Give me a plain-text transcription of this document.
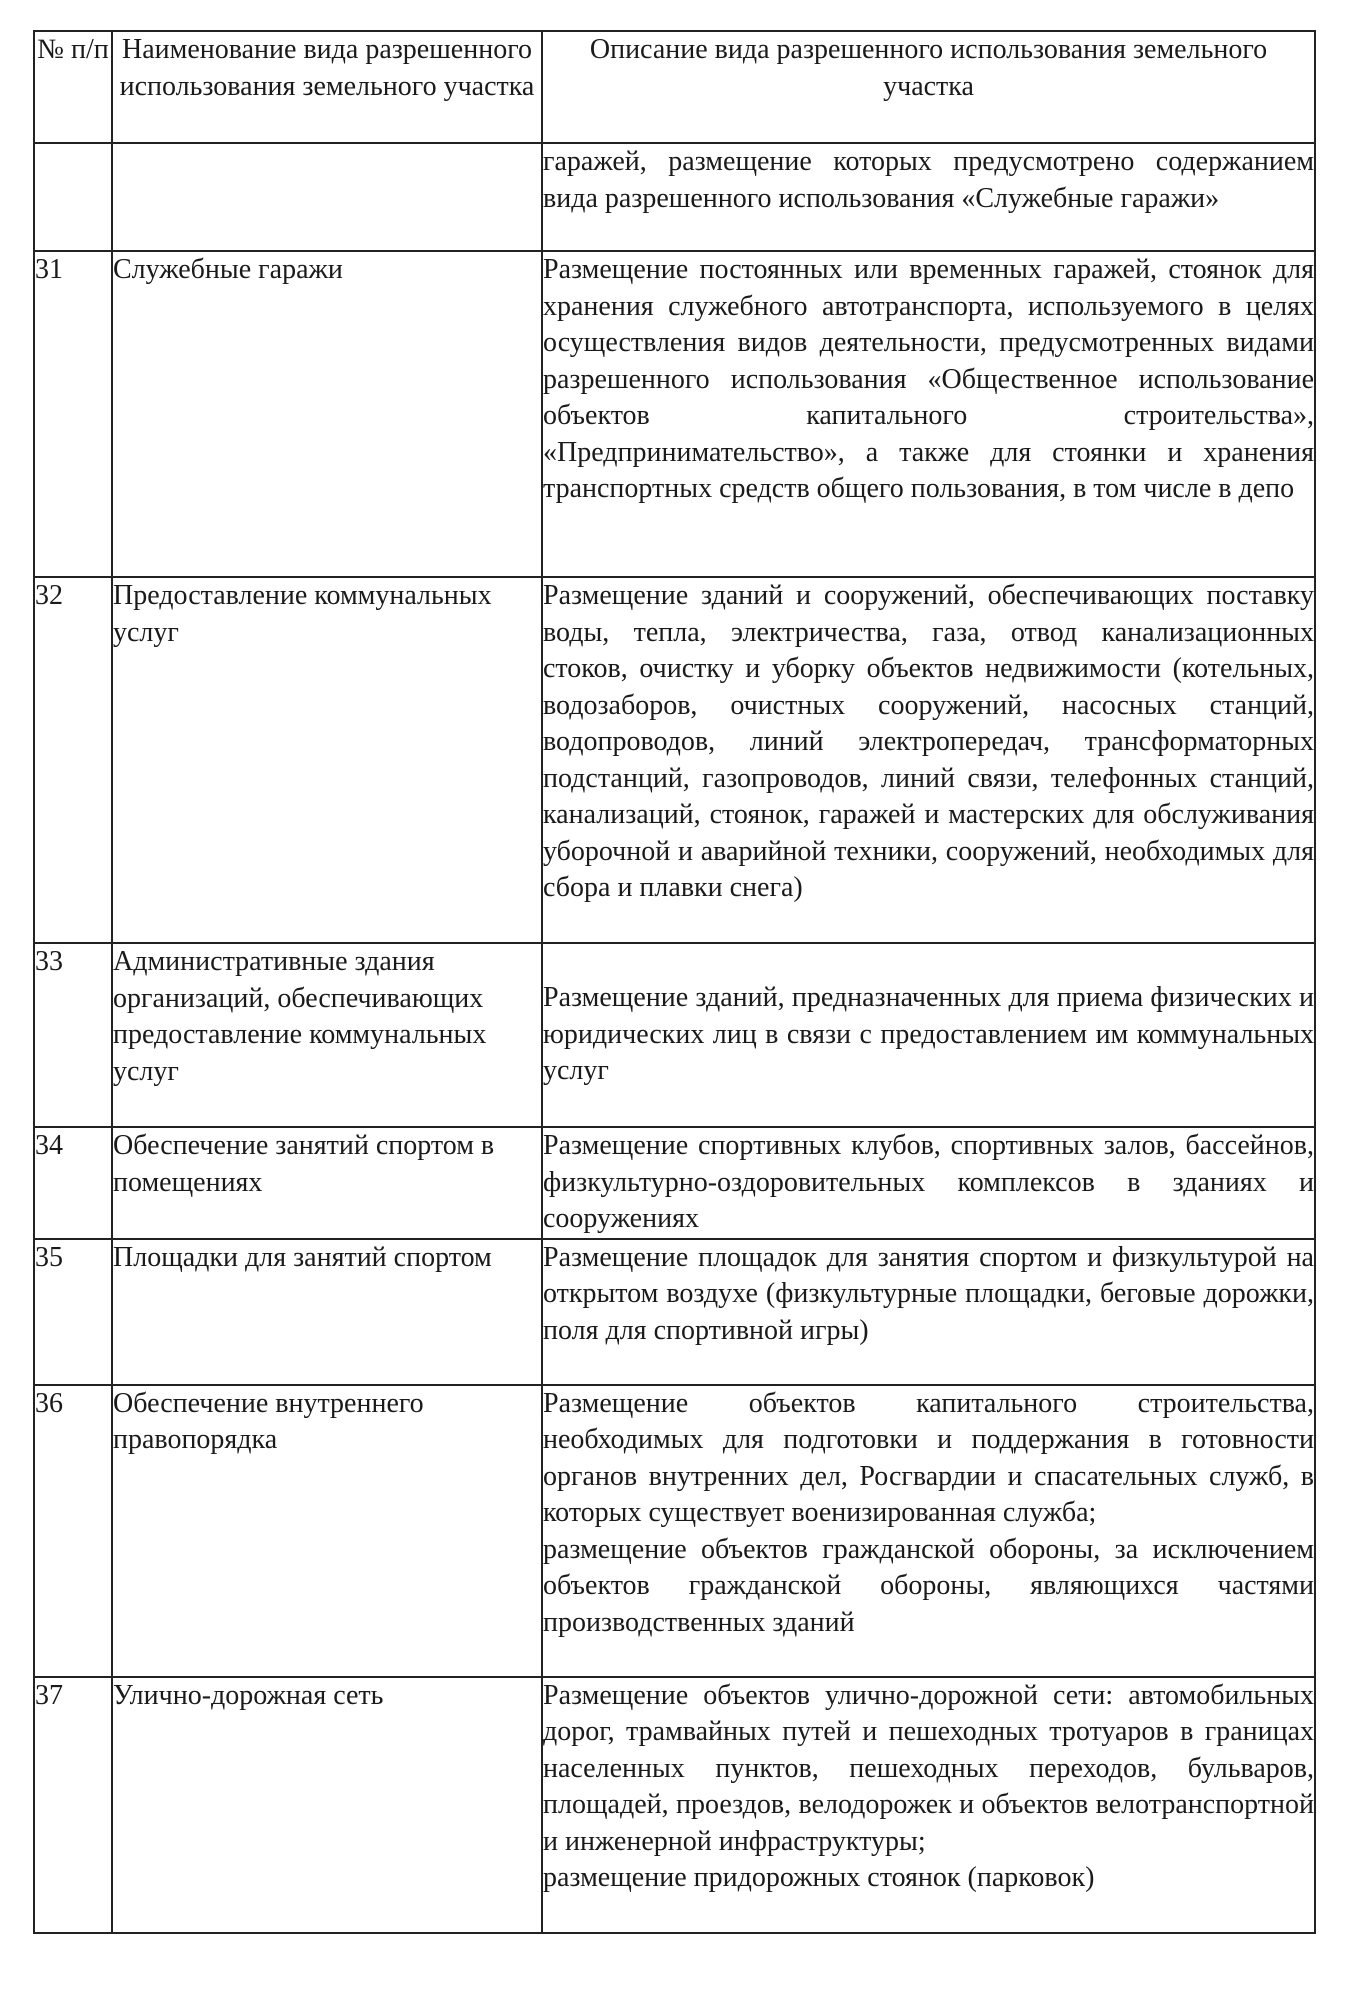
№ п/п	Наименование вида разрешенного использования земельного участка	Описание вида разрешенного использования земельного участка

		гаражей, размещение которых предусмотрено содержанием вида разрешенного использования «Служебные гаражи»

31	Служебные гаражи	Размещение постоянных или временных гаражей, стоянок для хранения служебного автотранспорта, используемого в целях осуществления видов деятельности, предусмотренных видами разрешенного использования «Общественное использование объектов капитального строительства», «Предпринимательство», а также для стоянки и хранения транспортных средств общего пользования, в том числе в депо

32	Предоставление коммунальных услуг	Размещение зданий и сооружений, обеспечивающих поставку воды, тепла, электричества, газа, отвод канализационных стоков, очистку и уборку объектов недвижимости (котельных, водозаборов, очистных сооружений, насосных станций, водопроводов, линий электропередач, трансформаторных подстанций, газопроводов, линий связи, телефонных станций, канализаций, стоянок, гаражей и мастерских для обслуживания уборочной и аварийной техники, сооружений, необходимых для сбора и плавки снега)

33	Административные здания организаций, обеспечивающих предоставление коммунальных услуг	Размещение зданий, предназначенных для приема физических и юридических лиц в связи с предоставлением им коммунальных услуг

34	Обеспечение занятий спортом в помещениях	Размещение спортивных клубов, спортивных залов, бассейнов, физкультурно-оздоровительных комплексов в зданиях и сооружениях

35	Площадки для занятий спортом	Размещение площадок для занятия спортом и физкультурой на открытом воздухе (физкультурные площадки, беговые дорожки, поля для спортивной игры)

36	Обеспечение внутреннего правопорядка	Размещение объектов капитального строительства, необходимых для подготовки и поддержания в готовности органов внутренних дел, Росгвардии и спасательных служб, в которых существует военизированная служба;
размещение объектов гражданской обороны, за исключением объектов гражданской обороны, являющихся частями производственных зданий

37	Улично-дорожная сеть	Размещение объектов улично-дорожной сети: автомобильных дорог, трамвайных путей и пешеходных тротуаров в границах населенных пунктов, пешеходных переходов, бульваров, площадей, проездов, велодорожек и объектов велотранспортной и инженерной инфраструктуры;
размещение придорожных стоянок (парковок)
